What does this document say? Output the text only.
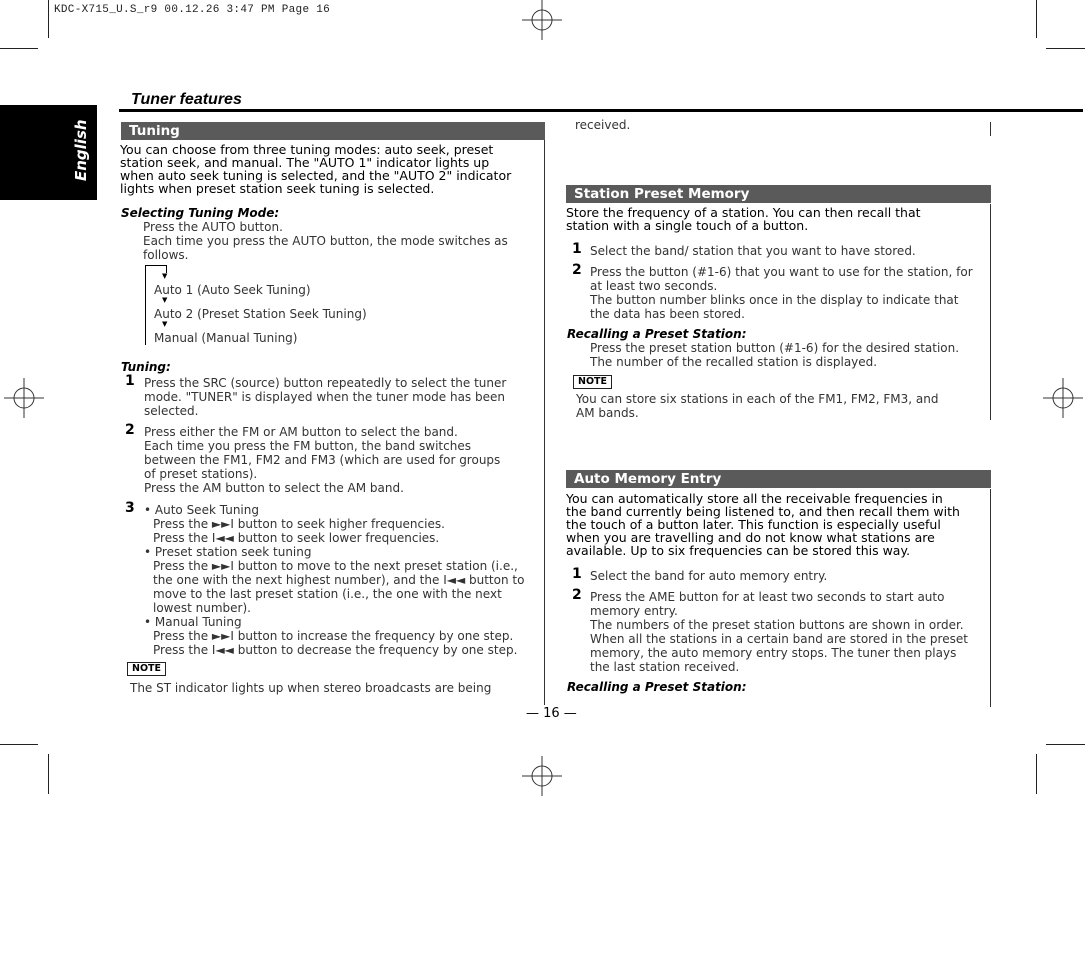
KDC-X715_U.S_r9 00.12.26 3:47 PM Page 16
English
Tuner features
Tuning
You can choose from three tuning modes: auto seek, preset
station seek, and manual. The "AUTO 1" indicator lights up
when auto seek tuning is selected, and the "AUTO 2" indicator
lights when preset station seek tuning is selected.
Selecting Tuning Mode:
Press the AUTO button.
Each time you press the AUTO button, the mode switches as
follows.
▼
Auto 1 (Auto Seek Tuning)
▼
Auto 2 (Preset Station Seek Tuning)
▼
Manual (Manual Tuning)
Tuning:
1 Press the SRC (source) button repeatedly to select the tuner
mode. "TUNER" is displayed when the tuner mode has been
selected.
2 Press either the FM or AM button to select the band.
Each time you press the FM button, the band switches
between the FM1, FM2 and FM3 (which are used for groups
of preset stations).
Press the AM button to select the AM band.
3 • Auto Seek Tuning
Press the ►►I button to seek higher frequencies.
Press the I◄◄ button to seek lower frequencies.
• Preset station seek tuning
Press the ►►I button to move to the next preset station (i.e.,
the one with the next highest number), and the I◄◄ button to
move to the last preset station (i.e., the one with the next
lowest number).
• Manual Tuning
Press the ►►I button to increase the frequency by one step.
Press the I◄◄ button to decrease the frequency by one step.
NOTE
The ST indicator lights up when stereo broadcasts are being
received.
Station Preset Memory
Store the frequency of a station. You can then recall that
station with a single touch of a button.
1 Select the band/ station that you want to have stored.
2 Press the button (#1-6) that you want to use for the station, for
at least two seconds.
The button number blinks once in the display to indicate that
the data has been stored.
Recalling a Preset Station:
Press the preset station button (#1-6) for the desired station.
The number of the recalled station is displayed.
NOTE
You can store six stations in each of the FM1, FM2, FM3, and
AM bands.
Auto Memory Entry
You can automatically store all the receivable frequencies in
the band currently being listened to, and then recall them with
the touch of a button later. This function is especially useful
when you are travelling and do not know what stations are
available. Up to six frequencies can be stored this way.
1 Select the band for auto memory entry.
2 Press the AME button for at least two seconds to start auto
memory entry.
The numbers of the preset station buttons are shown in order.
When all the stations in a certain band are stored in the preset
memory, the auto memory entry stops. The tuner then plays
the last station received.
Recalling a Preset Station:
— 16 —
